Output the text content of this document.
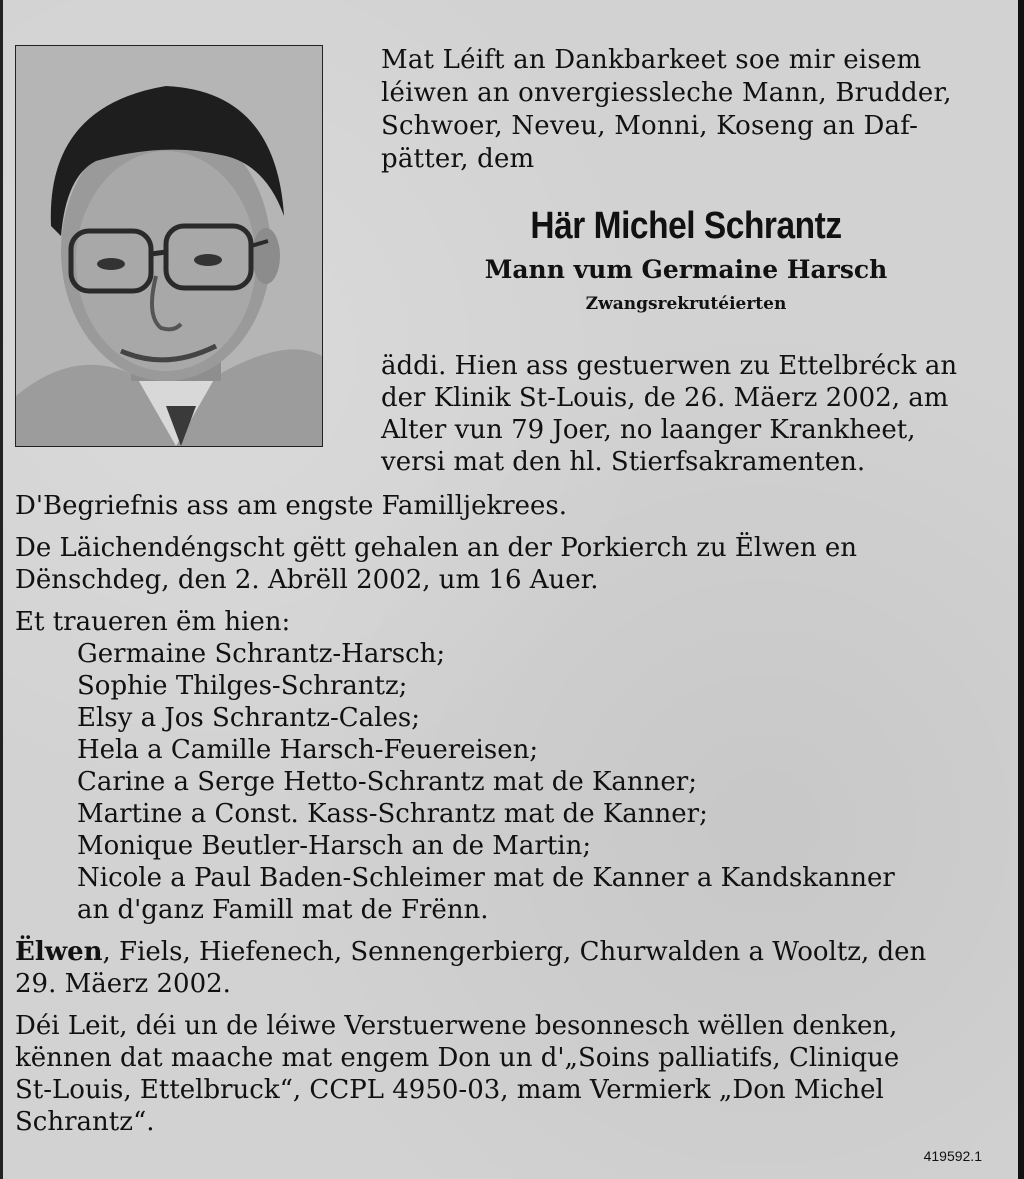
Mat Léift an Dankbarkeet soe mir eisem
léiwen an onvergiessleche Mann, Brudder,
Schwoer, Neveu, Monni, Koseng an Daf-
pätter, dem
Här Michel Schrantz
Mann vum Germaine Harsch
Zwangsrekrutéierten
äddi. Hien ass gestuerwen zu Ettelbréck an
der Klinik St-Louis, de 26. Mäerz 2002, am
Alter vun 79 Joer, no laanger Krankheet,
versi mat den hl. Stierfsakramenten.
D'Begriefnis ass am engste Familljekrees.
De Läichendéngscht gëtt gehalen an der Porkierch zu Ëlwen en
Dënschdeg, den 2. Abrëll 2002, um 16 Auer.
Et traueren ëm hien:
Germaine Schrantz-Harsch;
Sophie Thilges-Schrantz;
Elsy a Jos Schrantz-Cales;
Hela a Camille Harsch-Feuereisen;
Carine a Serge Hetto-Schrantz mat de Kanner;
Martine a Const. Kass-Schrantz mat de Kanner;
Monique Beutler-Harsch an de Martin;
Nicole a Paul Baden-Schleimer mat de Kanner a Kandskanner
an d'ganz Famill mat de Frënn.
Ëlwen, Fiels, Hiefenech, Sennengerbierg, Churwalden a Wooltz, den
29. Mäerz 2002.
Déi Leit, déi un de léiwe Verstuerwene besonnesch wëllen denken,
kënnen dat maache mat engem Don un d'„Soins palliatifs, Clinique
St-Louis, Ettelbruck“, CCPL 4950-03, mam Vermierk „Don Michel
Schrantz“.
419592.1
